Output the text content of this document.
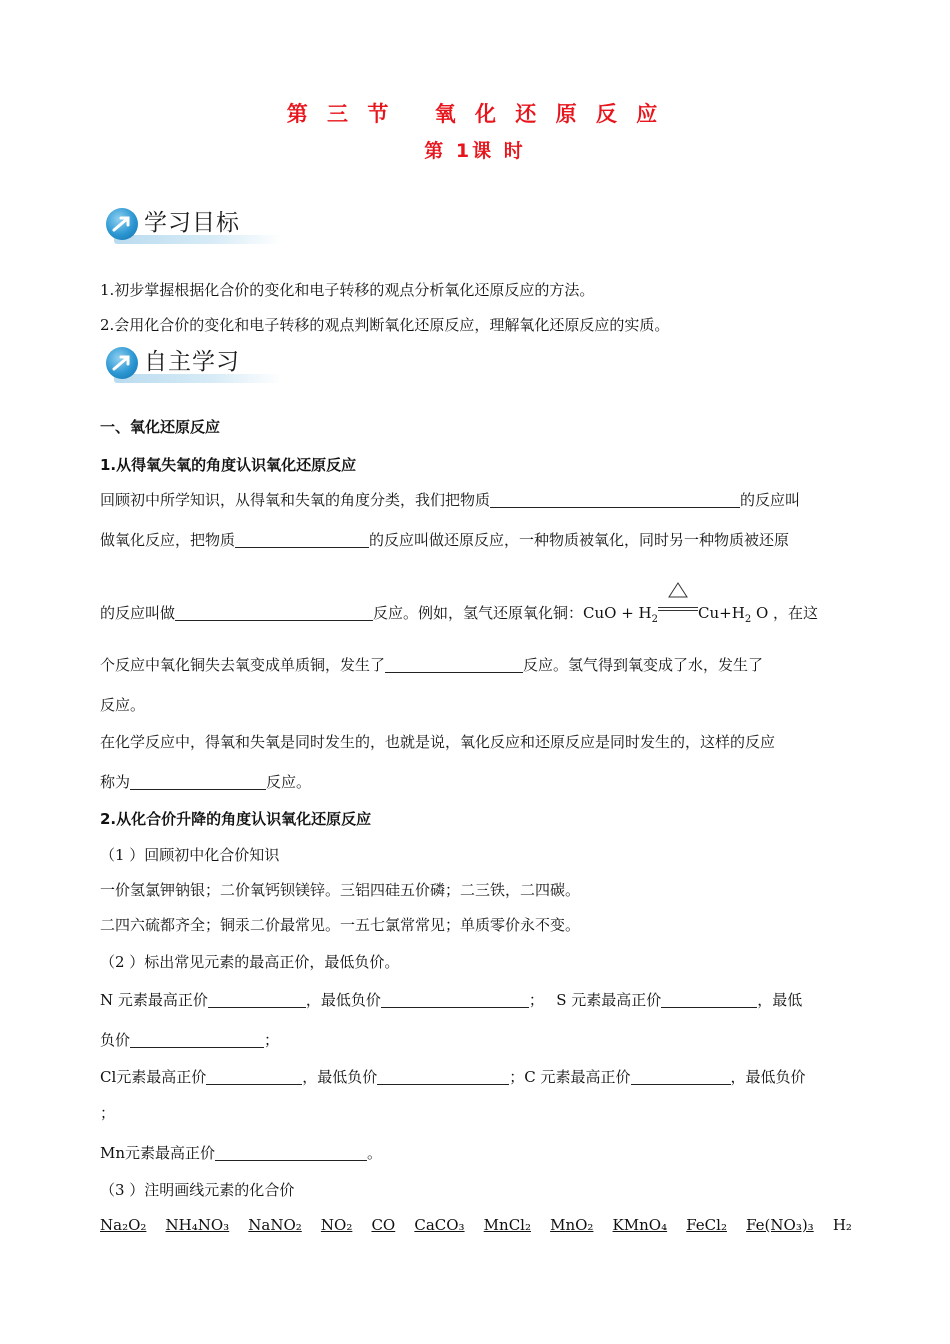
第 三 节　 氧 化 还 原 反 应
第 1课 时
学习目标
1.初步掌握根据化合价的变化和电子转移的观点分析氧化还原反应的方法。
2.会用化合价的变化和电子转移的观点判断氧化还原反应，理解氧化还原反应的实质。
自主学习
一、氧化还原反应
1.从得氧失氧的角度认识氧化还原反应
回顾初中所学知识，从得氧和失氧的角度分类，我们把物质	的反应叫
做氧化反应，把物质	的反应叫做还原反应，一种物质被氧化，同时另一种物质被还原
的反应叫做	反应。例如，氢气还原氧化铜：CuO + $H_2$	$Cu+H_2$ O ，在这
个反应中氧化铜失去氧变成单质铜，发生了	反应。氢气得到氧变成了水，发生了
反应。
在化学反应中，得氧和失氧是同时发生的，也就是说，氧化反应和还原反应是同时发生的，这样的反应
称为	反应。
2.从化合价升降的角度认识氧化还原反应
（1 ）回顾初中化合价知识
一价氢氯钾钠银；二价氧钙钡镁锌。三铝四硅五价磷；二三铁，二四碳。
二四六硫都齐全；铜汞二价最常见。一五七氯常常见；单质零价永不变。
（2 ）标出常见元素的最高正价，最低负价。
N 元素最高正价	，最低负价	；　 S 元素最高正价	，最低
负价	；
Cl元素最高正价	，最低负价	；C 元素最高正价	，最低负价
；
Mn元素最高正价	。
（3 ）注明画线元素的化合价
Na₂O₂ NH₄NO₃ NaNO₂ NO₂ CO CaCO₃ MnCl₂ MnO₂ KMnO₄ FeCl₂ Fe(NO₃)₃ H₂
